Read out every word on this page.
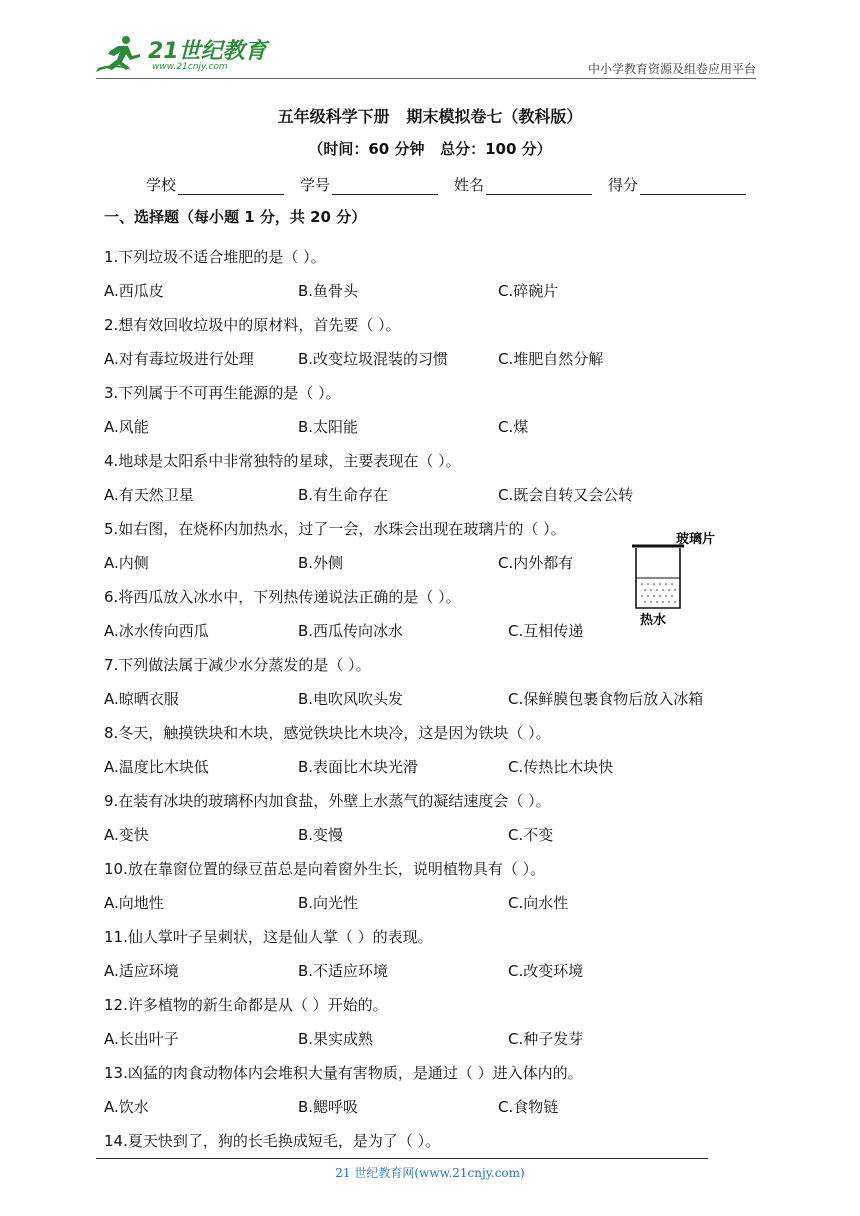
21世纪教育
www.21cnjy.com	中小学教育资源及组卷应用平台
五年级科学下册   期末模拟卷七（教科版）
（时间：60 分钟   总分：100 分）
学校	学号	姓名	得分
一、选择题（每小题 1 分，共 20 分）
1.下列垃圾不适合堆肥的是（ ）。
A.西瓜皮	B.鱼骨头	C.碎碗片
2.想有效回收垃圾中的原材料，首先要（ ）。
A.对有毒垃圾进行处理	B.改变垃圾混装的习惯	C.堆肥自然分解
3.下列属于不可再生能源的是（ ）。
A.风能	B.太阳能	C.煤
4.地球是太阳系中非常独特的星球，主要表现在（ ）。
A.有天然卫星	B.有生命存在	C.既会自转又会公转
5.如右图，在烧杯内加热水，过了一会，水珠会出现在玻璃片的（ ）。
A.内侧	B.外侧	C.内外都有
6.将西瓜放入冰水中，下列热传递说法正确的是（ ）。
A.冰水传向西瓜	B.西瓜传向冰水	C.互相传递
7.下列做法属于减少水分蒸发的是（ ）。
A.晾晒衣服	B.电吹风吹头发	C.保鲜膜包裹食物后放入冰箱
8.冬天，触摸铁块和木块，感觉铁块比木块冷，这是因为铁块（ ）。
A.温度比木块低	B.表面比木块光滑	C.传热比木块快
9.在装有冰块的玻璃杯内加食盐，外壁上水蒸气的凝结速度会（ ）。
A.变快	B.变慢	C.不变
10.放在靠窗位置的绿豆苗总是向着窗外生长，说明植物具有（ ）。
A.向地性	B.向光性	C.向水性
11.仙人掌叶子呈刺状，这是仙人掌（ ）的表现。
A.适应环境	B.不适应环境	C.改变环境
12.许多植物的新生命都是从（ ）开始的。
A.长出叶子	B.果实成熟	C.种子发芽
13.凶猛的肉食动物体内会堆积大量有害物质，是通过（ ）进入体内的。
A.饮水	B.鳃呼吸	C.食物链
14.夏天快到了，狗的长毛换成短毛，是为了（ ）。
玻璃片
热水
21 世纪教育网(www.21cnjy.com)
